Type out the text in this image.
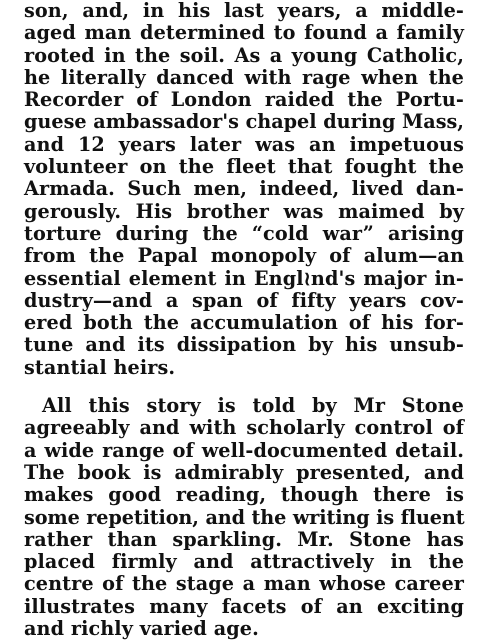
son, and, in his last years, a middle-
aged man determined to found a family
rooted in the soil. As a young Catholic,
he literally danced with rage when the
Recorder of London raided the Portu-
guese ambassador's chapel during Mass,
and 12 years later was an impetuous
volunteer on the fleet that fought the
Armada. Such men, indeed, lived dan-
gerously. His brother was maimed by
torture during the “cold war” arising
from the Papal monopoly of alum—an
essential element in Engl≀nd's major in-
dustry—and a span of fifty years cov-
ered both the accumulation of his for-
tune and its dissipation by his unsub-
stantial heirs.
All this story is told by Mr Stone
agreeably and with scholarly control of
a wide range of well-documented detail.
The book is admirably presented, and
makes good reading, though there is
some repetition, and the writing is fluent
rather than sparkling. Mr. Stone has
placed firmly and attractively in the
centre of the stage a man whose career
illustrates many facets of an exciting
and richly varied age.
